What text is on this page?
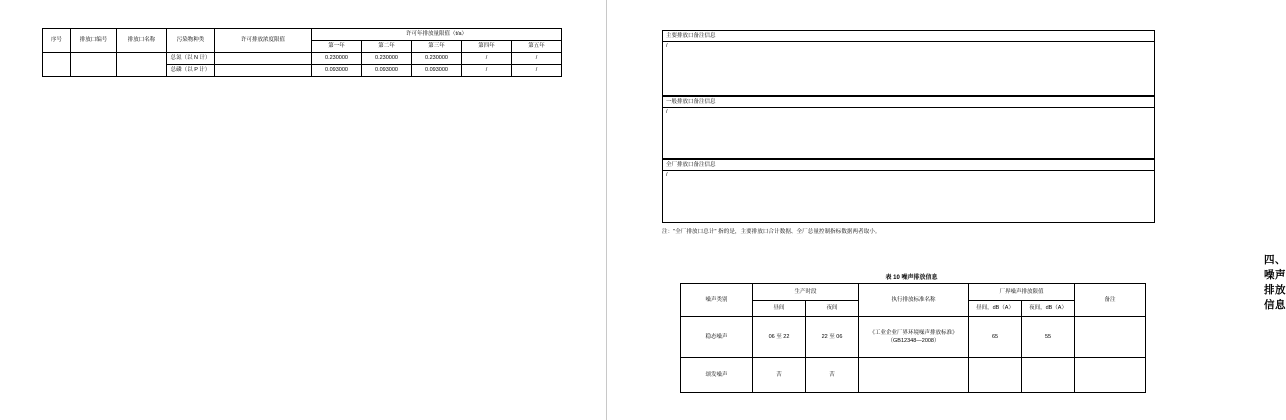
序号	排放口编号	排放口名称	污染物种类	许可排放浓度限值	许可年排放量限值（t/a）				
					第一年	第二年	第三年	第四年	第五年
			总氮（以 N 计）		0.230000	0.230000	0.230000	/	/
			总磷（以 P 计）		0.093000	0.093000	0.093000	/	/
主要排放口备注信息
/
一般排放口备注信息
/
全厂排放口备注信息
/
注："全厂排放口总计" 指的是，主要排放口合计数据、全厂总量控制指标数据两者取小。
四、噪声排放信息
表 10 噪声排放信息
噪声类别	生产时段		执行排放标准名称	厂界噪声排放限值		备注
	昼间	夜间		昼间，dB（A）	夜间，dB（A）	
稳态噪声	06 至 22	22 至 06	《工业企业厂界环境噪声排放标准》（GB12348—2008）	65	55	
颂发噪声	苦	苦				
